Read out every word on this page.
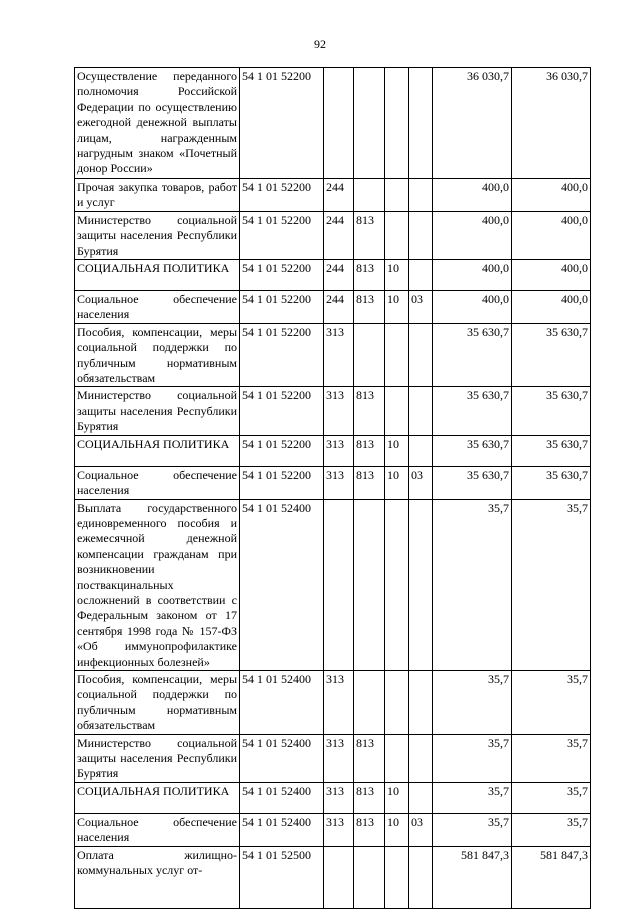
92
Осуществление переданного полномочия Российской Федерации по осуществлению ежегодной денежной выплаты лицам, награжденным нагрудным знаком «Почетный донор России»	54 1 01 52200					36 030,7	36 030,7
Прочая закупка товаров, работ и услуг	54 1 01 52200	244				400,0	400,0
Министерство социальной защиты населения Республики Бурятия	54 1 01 52200	244	813			400,0	400,0
СОЦИАЛЬНАЯ ПОЛИТИКА	54 1 01 52200	244	813	10		400,0	400,0
Социальное обеспечение населения	54 1 01 52200	244	813	10	03	400,0	400,0
Пособия, компенсации, меры социальной поддержки по публичным нормативным обязательствам	54 1 01 52200	313				35 630,7	35 630,7
Министерство социальной защиты населения Республики Бурятия	54 1 01 52200	313	813			35 630,7	35 630,7
СОЦИАЛЬНАЯ ПОЛИТИКА	54 1 01 52200	313	813	10		35 630,7	35 630,7
Социальное обеспечение населения	54 1 01 52200	313	813	10	03	35 630,7	35 630,7
Выплата государственного единовременного пособия и ежемесячной денежной компенсации гражданам при возникновении поствакцинальных осложнений в соответствии с Федеральным законом от 17 сентября 1998 года № 157-ФЗ «Об иммунопрофилактике инфекционных болезней»	54 1 01 52400					35,7	35,7
Пособия, компенсации, меры социальной поддержки по публичным нормативным обязательствам	54 1 01 52400	313				35,7	35,7
Министерство социальной защиты населения Республики Бурятия	54 1 01 52400	313	813			35,7	35,7
СОЦИАЛЬНАЯ ПОЛИТИКА	54 1 01 52400	313	813	10		35,7	35,7
Социальное обеспечение населения	54 1 01 52400	313	813	10	03	35,7	35,7
Оплата жилищно-коммунальных услуг от-	54 1 01 52500					581 847,3	581 847,3
